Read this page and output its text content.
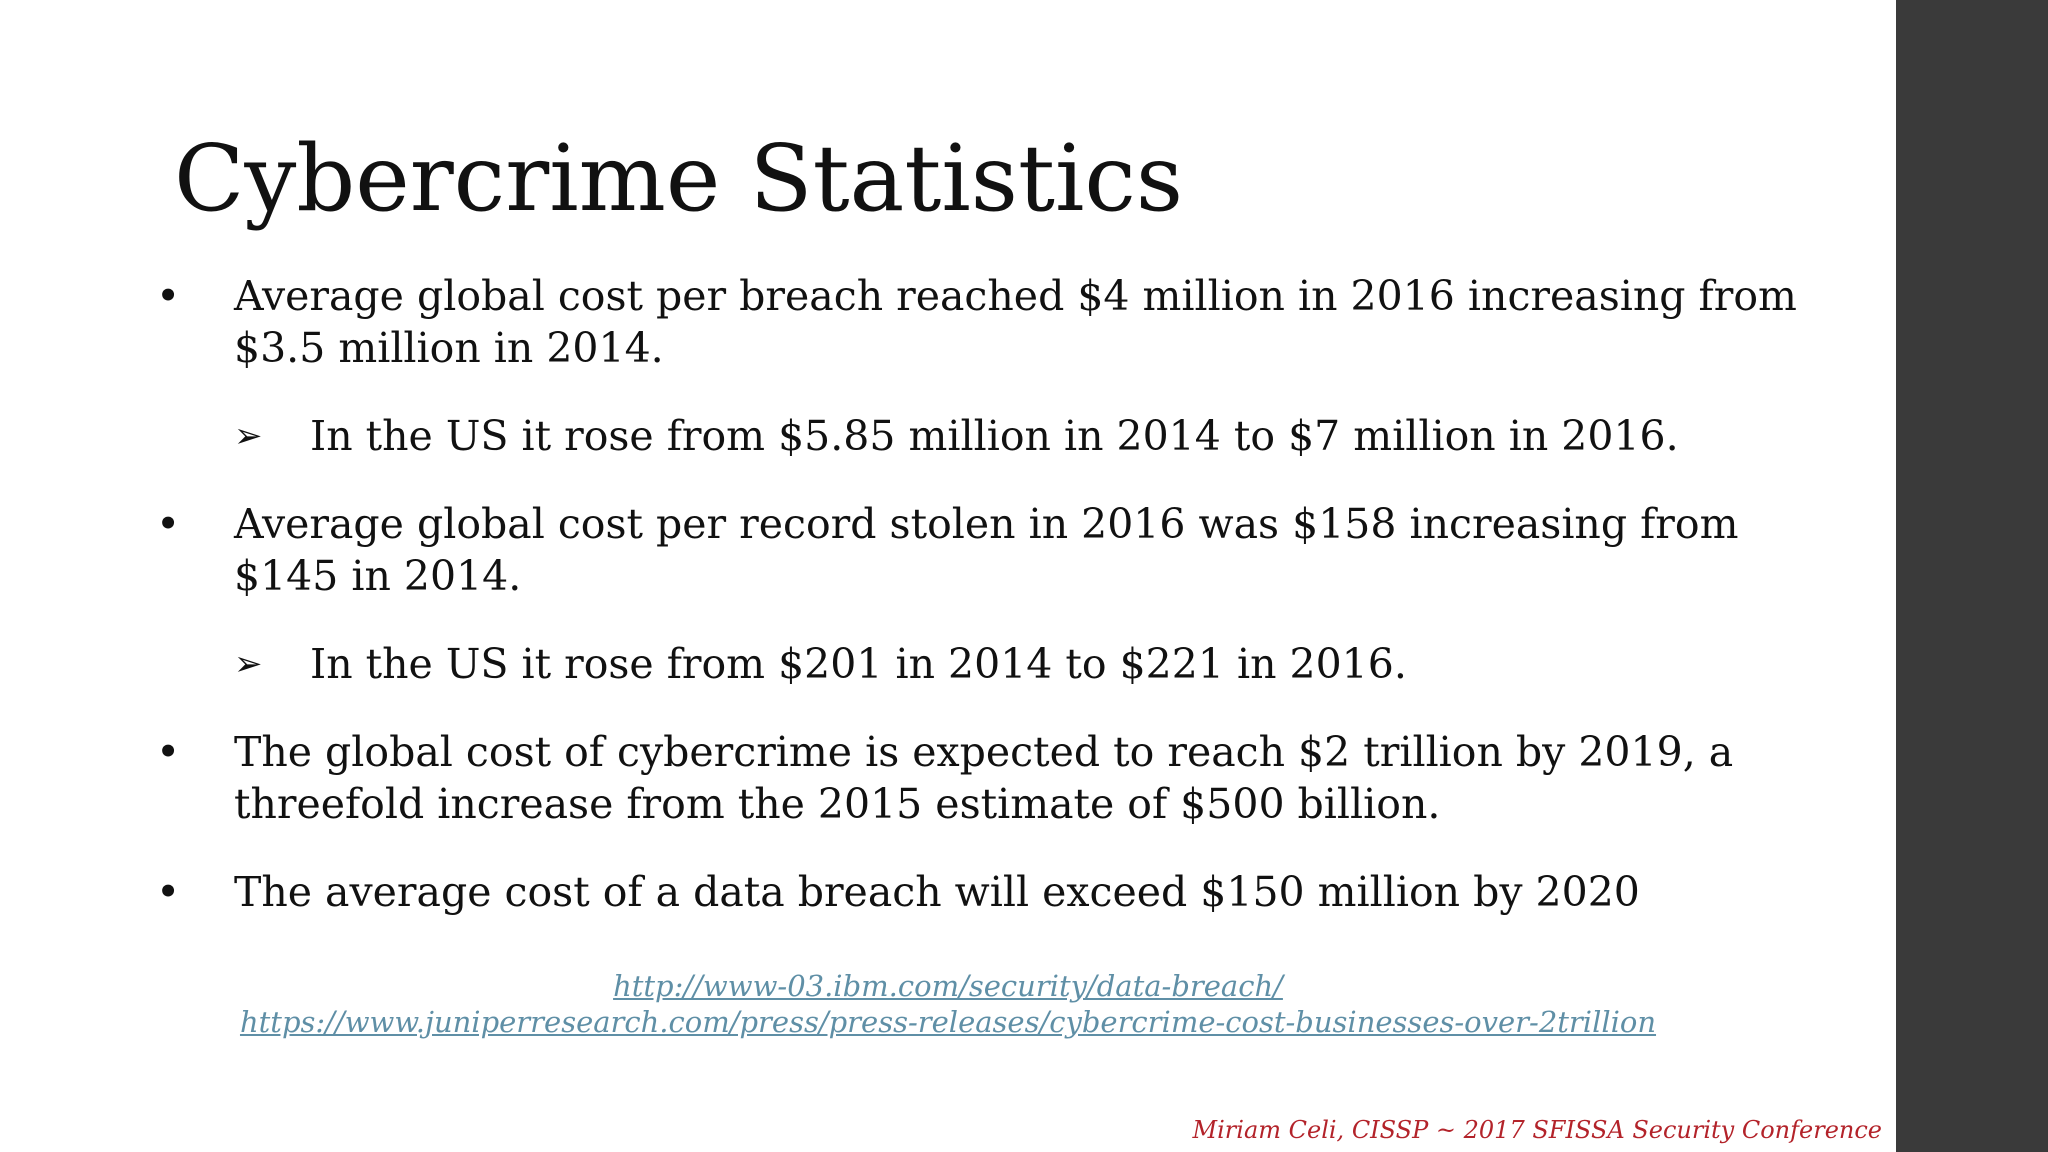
Cybercrime Statistics
• Average global cost per breach reached $4 million in 2016 increasing from $3.5 million in 2014.
➢ In the US it rose from $5.85 million in 2014 to $7 million in 2016.
• Average global cost per record stolen in 2016 was $158 increasing from $145 in 2014.
➢ In the US it rose from $201 in 2014 to $221 in 2016.
• The global cost of cybercrime is expected to reach $2 trillion by 2019, a threefold increase from the 2015 estimate of $500 billion.
• The average cost of a data breach will exceed $150 million by 2020
http://www-03.ibm.com/security/data-breach/
https://www.juniperresearch.com/press/press-releases/cybercrime-cost-businesses-over-2trillion
Miriam Celi, CISSP ~ 2017 SFISSA Security Conference
